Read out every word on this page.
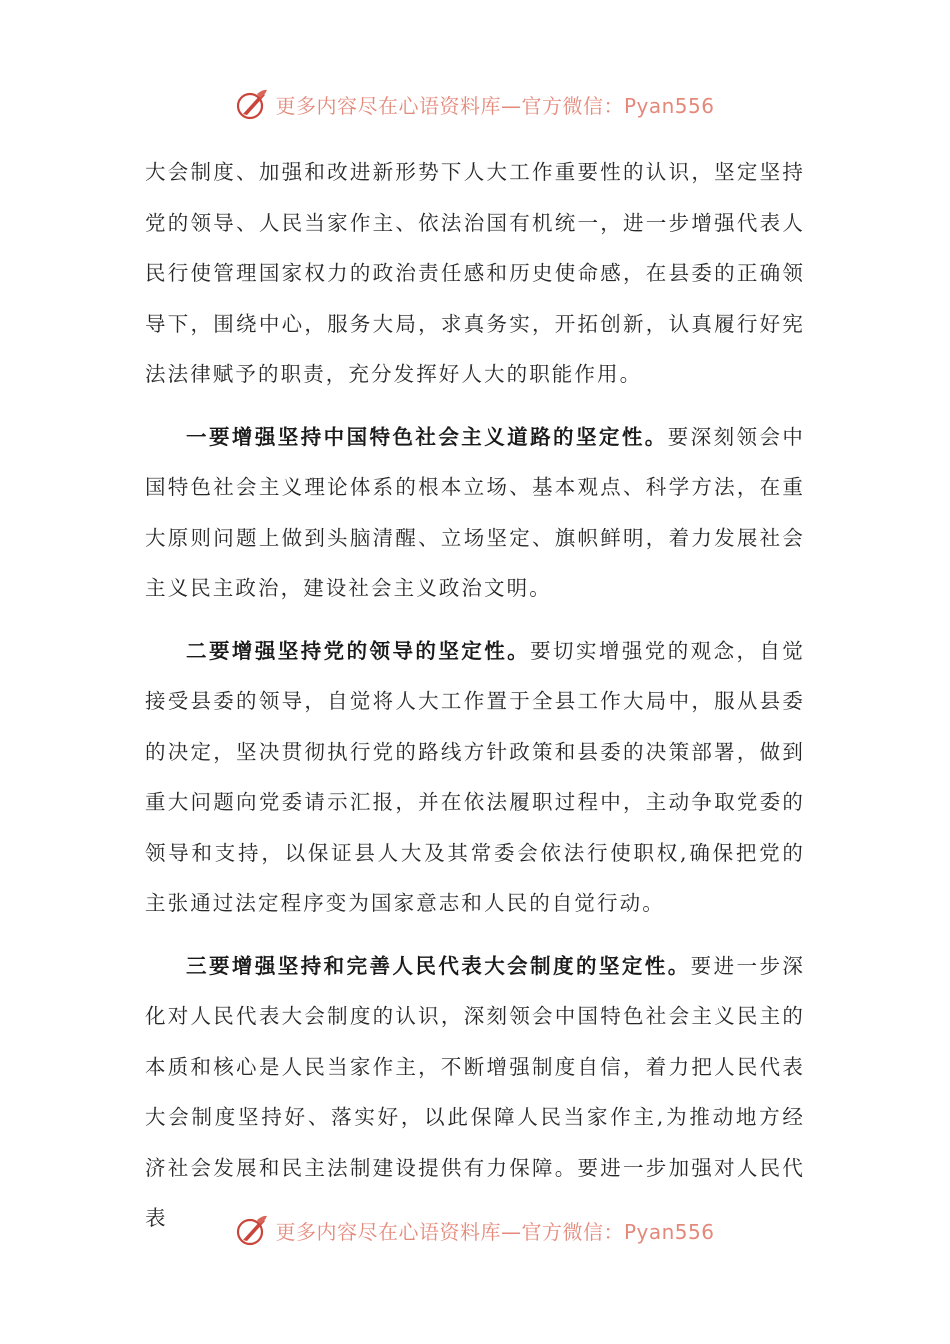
更多内容尽在心语资料库—官方微信：Pyan556

大会制度、加强和改进新形势下人大工作重要性的认识，坚定坚持党的领导、人民当家作主、依法治国有机统一，进一步增强代表人民行使管理国家权力的政治责任感和历史使命感，在县委的正确领导下，围绕中心，服务大局，求真务实，开拓创新，认真履行好宪法法律赋予的职责，充分发挥好人大的职能作用。

一要增强坚持中国特色社会主义道路的坚定性。要深刻领会中国特色社会主义理论体系的根本立场、基本观点、科学方法，在重大原则问题上做到头脑清醒、立场坚定、旗帜鲜明，着力发展社会主义民主政治，建设社会主义政治文明。

二要增强坚持党的领导的坚定性。要切实增强党的观念，自觉接受县委的领导，自觉将人大工作置于全县工作大局中，服从县委的决定，坚决贯彻执行党的路线方针政策和县委的决策部署，做到重大问题向党委请示汇报，并在依法履职过程中，主动争取党委的领导和支持，以保证县人大及其常委会依法行使职权,确保把党的主张通过法定程序变为国家意志和人民的自觉行动。

三要增强坚持和完善人民代表大会制度的坚定性。要进一步深化对人民代表大会制度的认识，深刻领会中国特色社会主义民主的本质和核心是人民当家作主，不断增强制度自信，着力把人民代表大会制度坚持好、落实好，以此保障人民当家作主,为推动地方经济社会发展和民主法制建设提供有力保障。要进一步加强对人民代表

更多内容尽在心语资料库—官方微信：Pyan556
